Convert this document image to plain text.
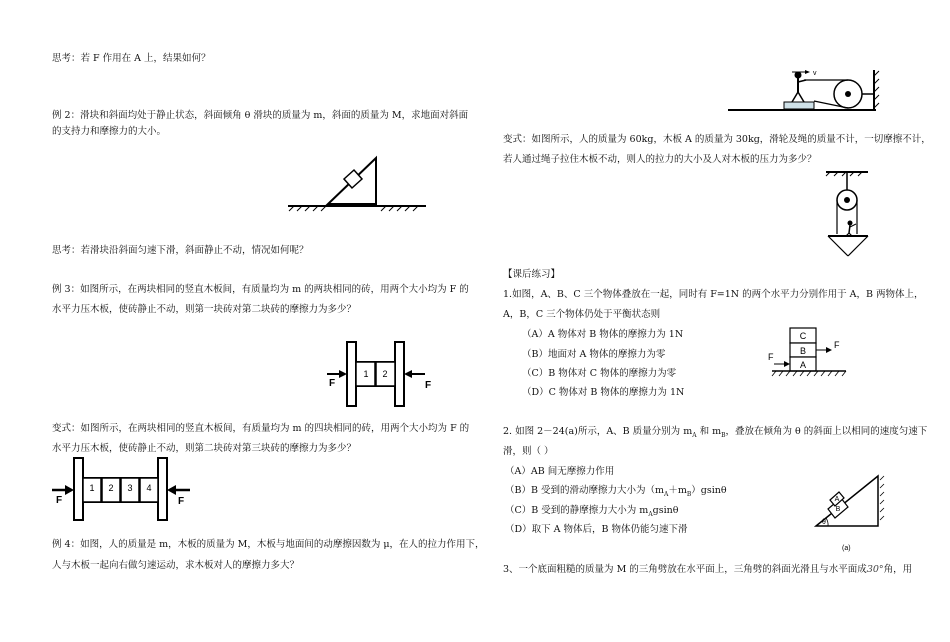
思考：若 F 作用在 A 上，结果如何？
例 2：滑块和斜面均处于静止状态，斜面倾角 θ 滑块的质量为 m，斜面的质量为 M，求地面对斜面
的支持力和摩擦力的大小。
思考：若滑块沿斜面匀速下滑，斜面静止不动，情况如何呢？
例 3：如图所示，在两块相同的竖直木板间，有质量均为 m 的两块相同的砖，用两个大小均为 F 的
水平力压木板，使砖静止不动，则第一块砖对第二块砖的摩擦力为多少？
1 2
F	F
变式：如图所示，在两块相同的竖直木板间，有质量均为 m 的四块相同的砖，用两个大小均为 F 的
水平力压木板，使砖静止不动，则第二块砖对第三块砖的摩擦力为多少？
1 2 3 4
F	F
例 4：如图，人的质量是 m，木板的质量为 M，木板与地面间的动摩擦因数为 μ，在人的拉力作用下，
人与木板一起向右做匀速运动，求木板对人的摩擦力多大？
v
变式：如图所示，人的质量为 60kg，木板 A 的质量为 30kg，滑轮及绳的质量不计，一切摩擦不计，
若人通过绳子拉住木板不动，则人的拉力的大小及人对木板的压力为多少？
【课后练习】
1.如图，A、B、C 三个物体叠放在一起，同时有 F=1N 的两个水平力分别作用于 A，B 两物体上，
A，B，C 三个物体仍处于平衡状态则
（A）A 物体对 B 物体的摩擦力为 1N
（B）地面对 A 物体的摩擦力为零
（C）B 物体对 C 物体的摩擦力为零
（D）C 物体对 B 物体的摩擦力为 1N
C
B
A
F
F
2. 如图 2－24(a)所示，A、B 质量分别为 $m_A$ 和 $m_B$，叠放在倾角为 θ 的斜面上以相同的速度匀速下
滑，则（ ）
（A）AB 间无摩擦力作用
（B）B 受到的滑动摩擦力大小为$(m_A+m_B)gsin\theta$
（C）B 受到的静摩擦力大小为 $m_Agsin\theta$
（D）取下 A 物体后，B 物体仍能匀速下滑
B
A
θ
(a)
3、一个底面粗糙的质量为 M 的三角劈放在水平面上，三角劈的斜面光滑且与水平面成30°角，用
